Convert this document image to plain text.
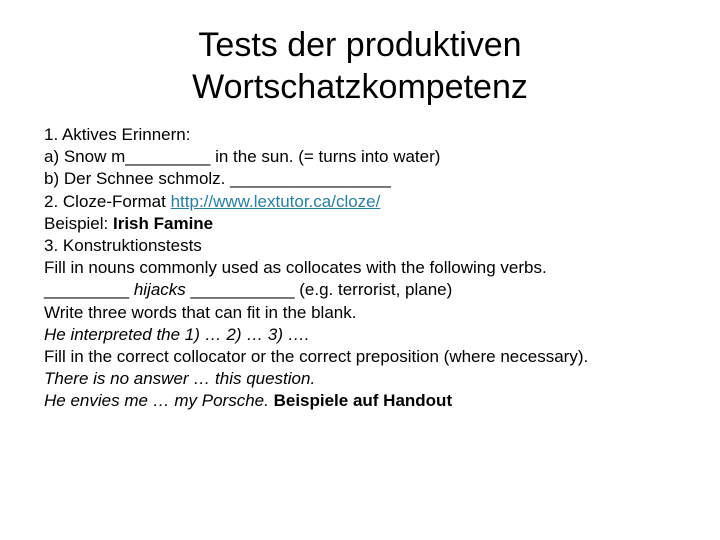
Tests der produktiven
Wortschatzkompetenz
1. Aktives Erinnern:
a) Snow m_________ in the sun. (= turns into water)
b) Der Schnee schmolz. _________________
2. Cloze-Format http://www.lextutor.ca/cloze/
Beispiel: Irish Famine
3. Konstruktionstests
Fill in nouns commonly used as collocates with the following verbs.
_________ hijacks ___________ (e.g. terrorist, plane)
Write three words that can fit in the blank.
He interpreted the 1) … 2) … 3) ….
Fill in the correct collocator or the correct preposition (where necessary).
There is no answer … this question.
He envies me … my Porsche. Beispiele auf Handout
